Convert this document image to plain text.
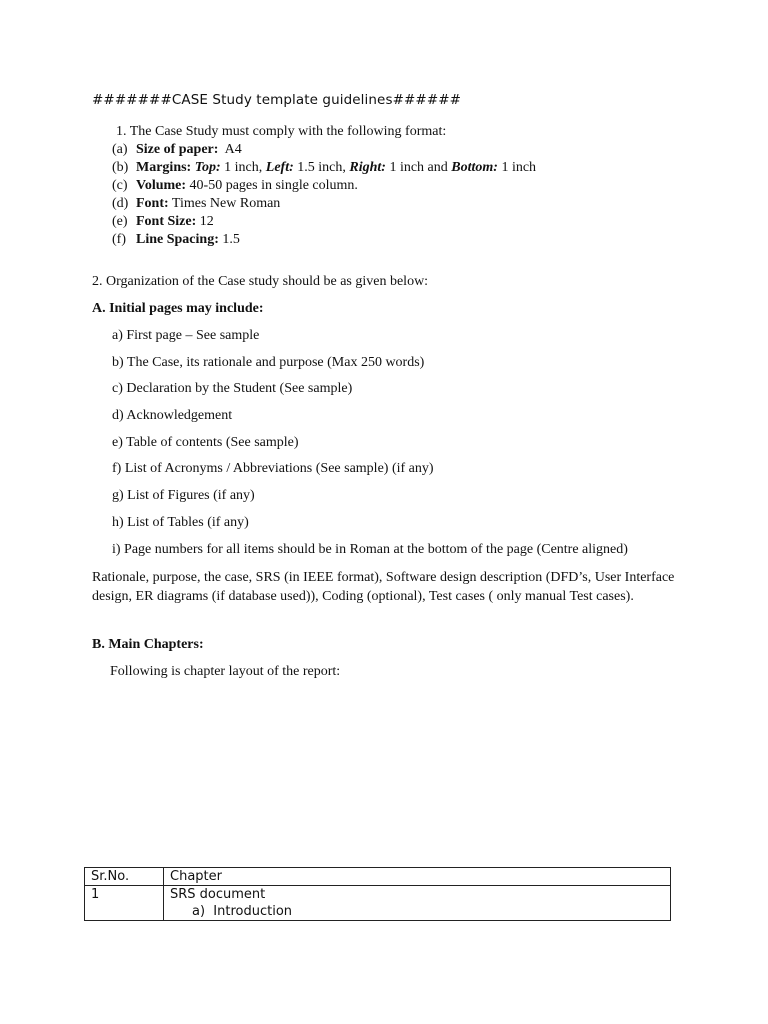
#######CASE Study template guidelines######
1. The Case Study must comply with the following format:
(a) Size of paper:  A4
(b) Margins: Top: 1 inch, Left: 1.5 inch, Right: 1 inch and Bottom: 1 inch
(c) Volume: 40-50 pages in single column.
(d) Font: Times New Roman
(e) Font Size: 12
(f) Line Spacing: 1.5
2. Organization of the Case study should be as given below:
A. Initial pages may include:
a) First page – See sample
b) The Case, its rationale and purpose (Max 250 words)
c) Declaration by the Student (See sample)
d) Acknowledgement
e) Table of contents (See sample)
f) List of Acronyms / Abbreviations (See sample) (if any)
g) List of Figures (if any)
h) List of Tables (if any)
i) Page numbers for all items should be in Roman at the bottom of the page (Centre aligned)
Rationale, purpose, the case, SRS (in IEEE format), Software design description (DFD’s, User Interface design, ER diagrams (if database used)), Coding (optional), Test cases ( only manual Test cases).
B. Main Chapters:
Following is chapter layout of the report:
Sr.No.	Chapter
1	SRS document
a)  Introduction
